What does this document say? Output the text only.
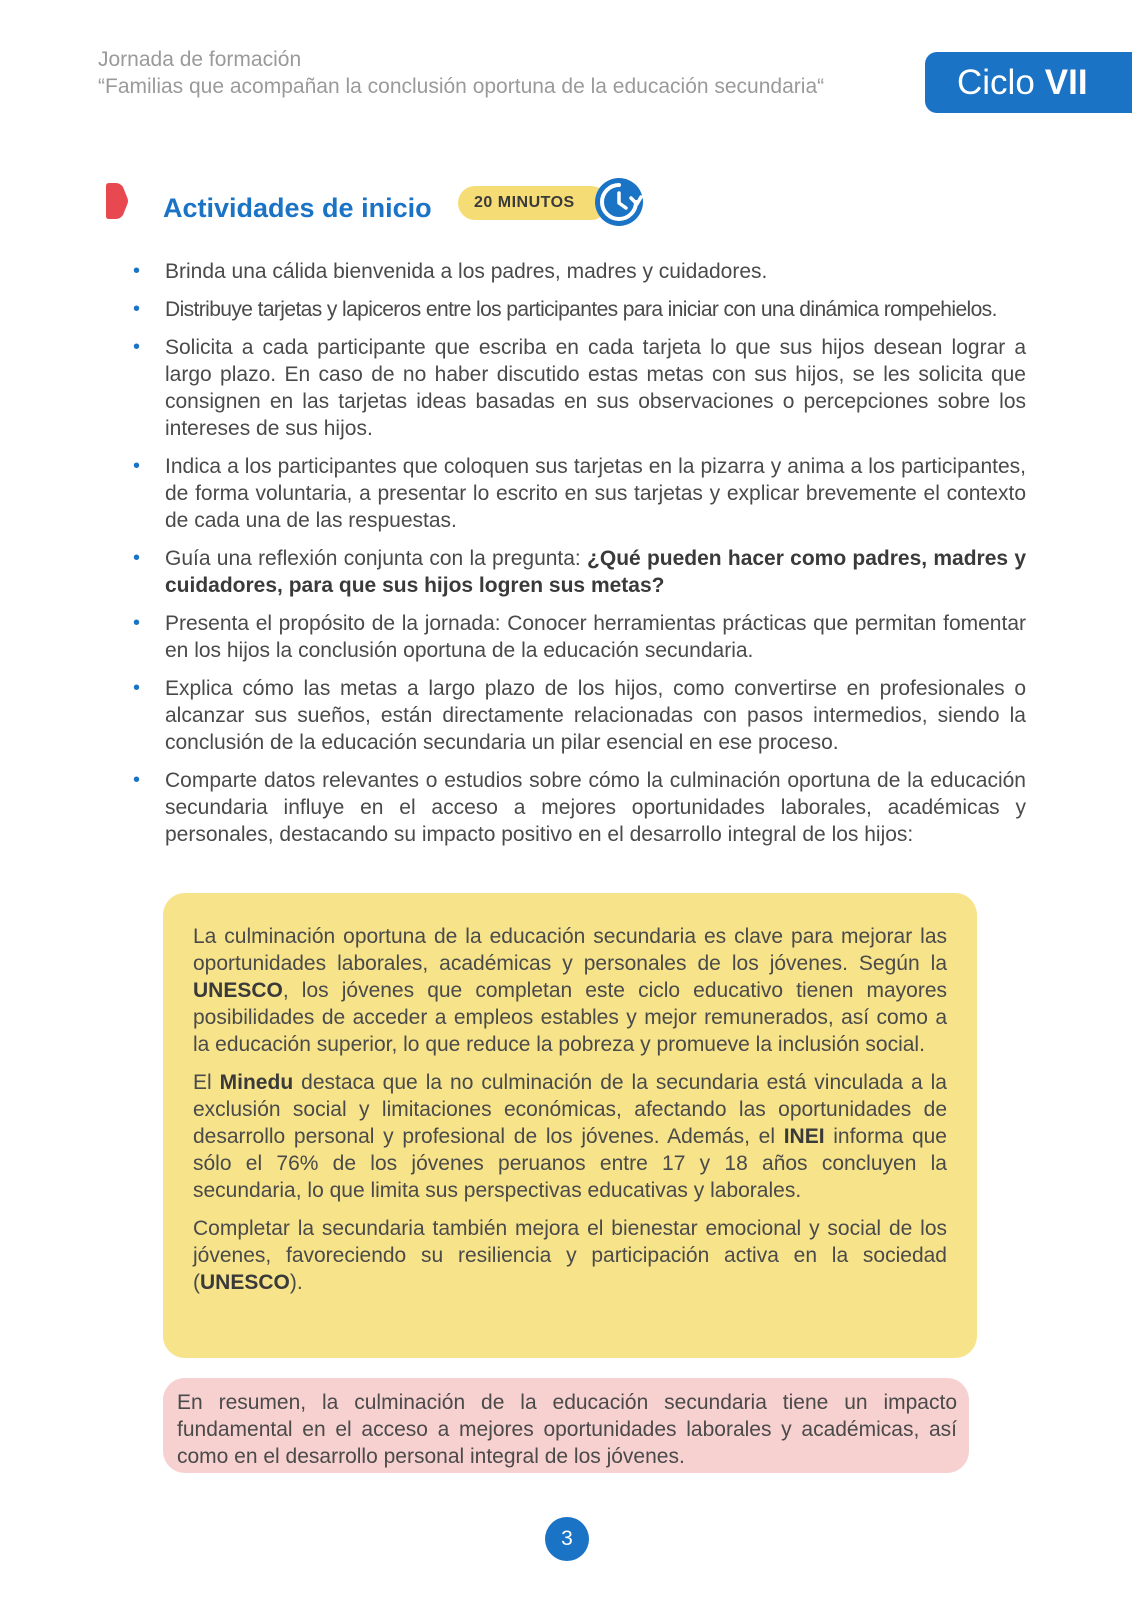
Jornada de formación
“Familias que acompañan la conclusión oportuna de la educación secundaria“	Ciclo VII
Actividades de inicio	20 MINUTOS
• Brinda una cálida bienvenida a los padres, madres y cuidadores.
• Distribuye tarjetas y lapiceros entre los participantes para iniciar con una dinámica rompehielos.
• Solicita a cada participante que escriba en cada tarjeta lo que sus hijos desean lograr a largo plazo. En caso de no haber discutido estas metas con sus hijos, se les solicita que consignen en las tarjetas ideas basadas en sus observaciones o percepciones sobre los intereses de sus hijos.
• Indica a los participantes que coloquen sus tarjetas en la pizarra y anima a los participantes, de forma voluntaria, a presentar lo escrito en sus tarjetas y explicar brevemente el contexto de cada una de las respuestas.
• Guía una reflexión conjunta con la pregunta: ¿Qué pueden hacer como padres, madres y cuidadores, para que sus hijos logren sus metas?
• Presenta el propósito de la jornada: Conocer herramientas prácticas que permitan fomentar en los hijos la conclusión oportuna de la educación secundaria.
• Explica cómo las metas a largo plazo de los hijos, como convertirse en profesionales o alcanzar sus sueños, están directamente relacionadas con pasos intermedios, siendo la conclusión de la educación secundaria un pilar esencial en ese proceso.
• Comparte datos relevantes o estudios sobre cómo la culminación oportuna de la educación secundaria influye en el acceso a mejores oportunidades laborales, académicas y personales, destacando su impacto positivo en el desarrollo integral de los hijos:

La culminación oportuna de la educación secundaria es clave para mejorar las oportunidades laborales, académicas y personales de los jóvenes. Según la UNESCO, los jóvenes que completan este ciclo educativo tienen mayores posibilidades de acceder a empleos estables y mejor remunerados, así como a la educación superior, lo que reduce la pobreza y promueve la inclusión social.

El Minedu destaca que la no culminación de la secundaria está vinculada a la exclusión social y limitaciones económicas, afectando las oportunidades de desarrollo personal y profesional de los jóvenes. Además, el INEI informa que sólo el 76% de los jóvenes peruanos entre 17 y 18 años concluyen la secundaria, lo que limita sus perspectivas educativas y laborales.

Completar la secundaria también mejora el bienestar emocional y social de los jóvenes, favoreciendo su resiliencia y participación activa en la sociedad (UNESCO).

En resumen, la culminación de la educación secundaria tiene un impacto fundamental en el acceso a mejores oportunidades laborales y académicas, así como en el desarrollo personal integral de los jóvenes.
3
